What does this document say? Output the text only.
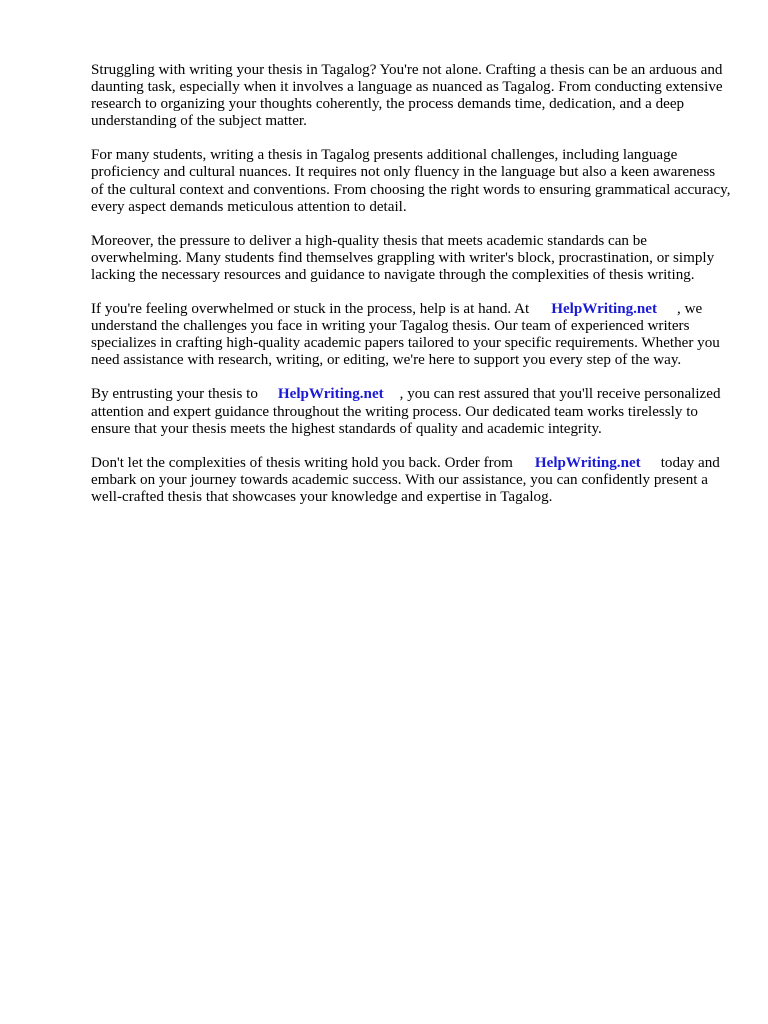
Struggling with writing your thesis in Tagalog? You're not alone. Crafting a thesis can be an arduous and daunting task, especially when it involves a language as nuanced as Tagalog. From conducting extensive research to organizing your thoughts coherently, the process demands time, dedication, and a deep understanding of the subject matter.

For many students, writing a thesis in Tagalog presents additional challenges, including language proficiency and cultural nuances. It requires not only fluency in the language but also a keen awareness of the cultural context and conventions. From choosing the right words to ensuring grammatical accuracy, every aspect demands meticulous attention to detail.

Moreover, the pressure to deliver a high-quality thesis that meets academic standards can be overwhelming. Many students find themselves grappling with writer's block, procrastination, or simply lacking the necessary resources and guidance to navigate through the complexities of thesis writing.

If you're feeling overwhelmed or stuck in the process, help is at hand. At HelpWriting.net , we understand the challenges you face in writing your Tagalog thesis. Our team of experienced writers specializes in crafting high-quality academic papers tailored to your specific requirements. Whether you need assistance with research, writing, or editing, we're here to support you every step of the way.

By entrusting your thesis to HelpWriting.net , you can rest assured that you'll receive personalized attention and expert guidance throughout the writing process. Our dedicated team works tirelessly to ensure that your thesis meets the highest standards of quality and academic integrity.

Don't let the complexities of thesis writing hold you back. Order from HelpWriting.net today and embark on your journey towards academic success. With our assistance, you can confidently present a well-crafted thesis that showcases your knowledge and expertise in Tagalog.
